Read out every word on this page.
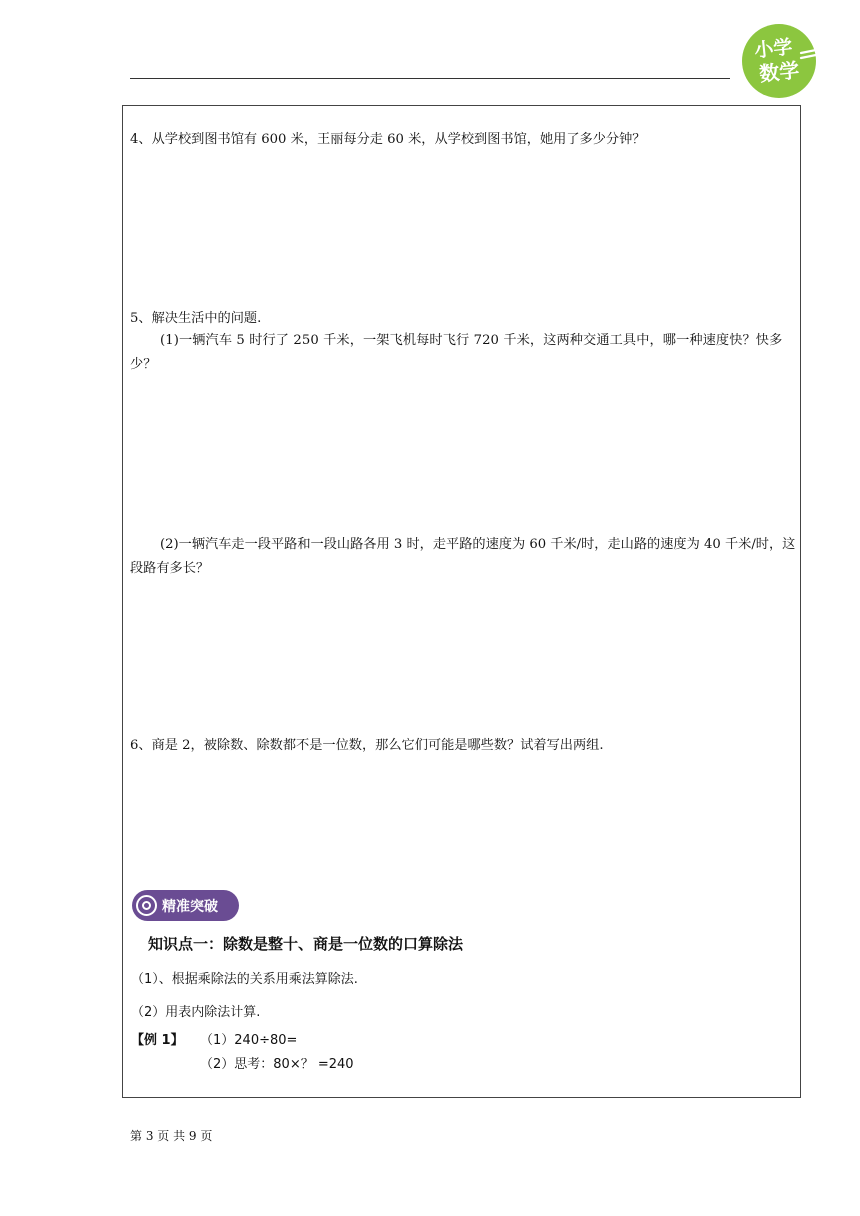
小学
数学
4、从学校到图书馆有 600 米，王丽每分走 60 米，从学校到图书馆，她用了多少分钟？
5、解决生活中的问题.
(1)一辆汽车 5 时行了 250 千米，一架飞机每时飞行 720 千米，这两种交通工具中，哪一种速度快？快多少？
(2)一辆汽车走一段平路和一段山路各用 3 时，走平路的速度为 60 千米/时，走山路的速度为 40 千米/时，这段路有多长？
6、商是 2，被除数、除数都不是一位数，那么它们可能是哪些数？试着写出两组.
精准突破
知识点一：除数是整十、商是一位数的口算除法
（1）、根据乘除法的关系用乘法算除法.
（2）用表内除法计算.
【例 1】 （1）240÷80=
（2）思考：80×？ =240
第 3 页 共 9 页
